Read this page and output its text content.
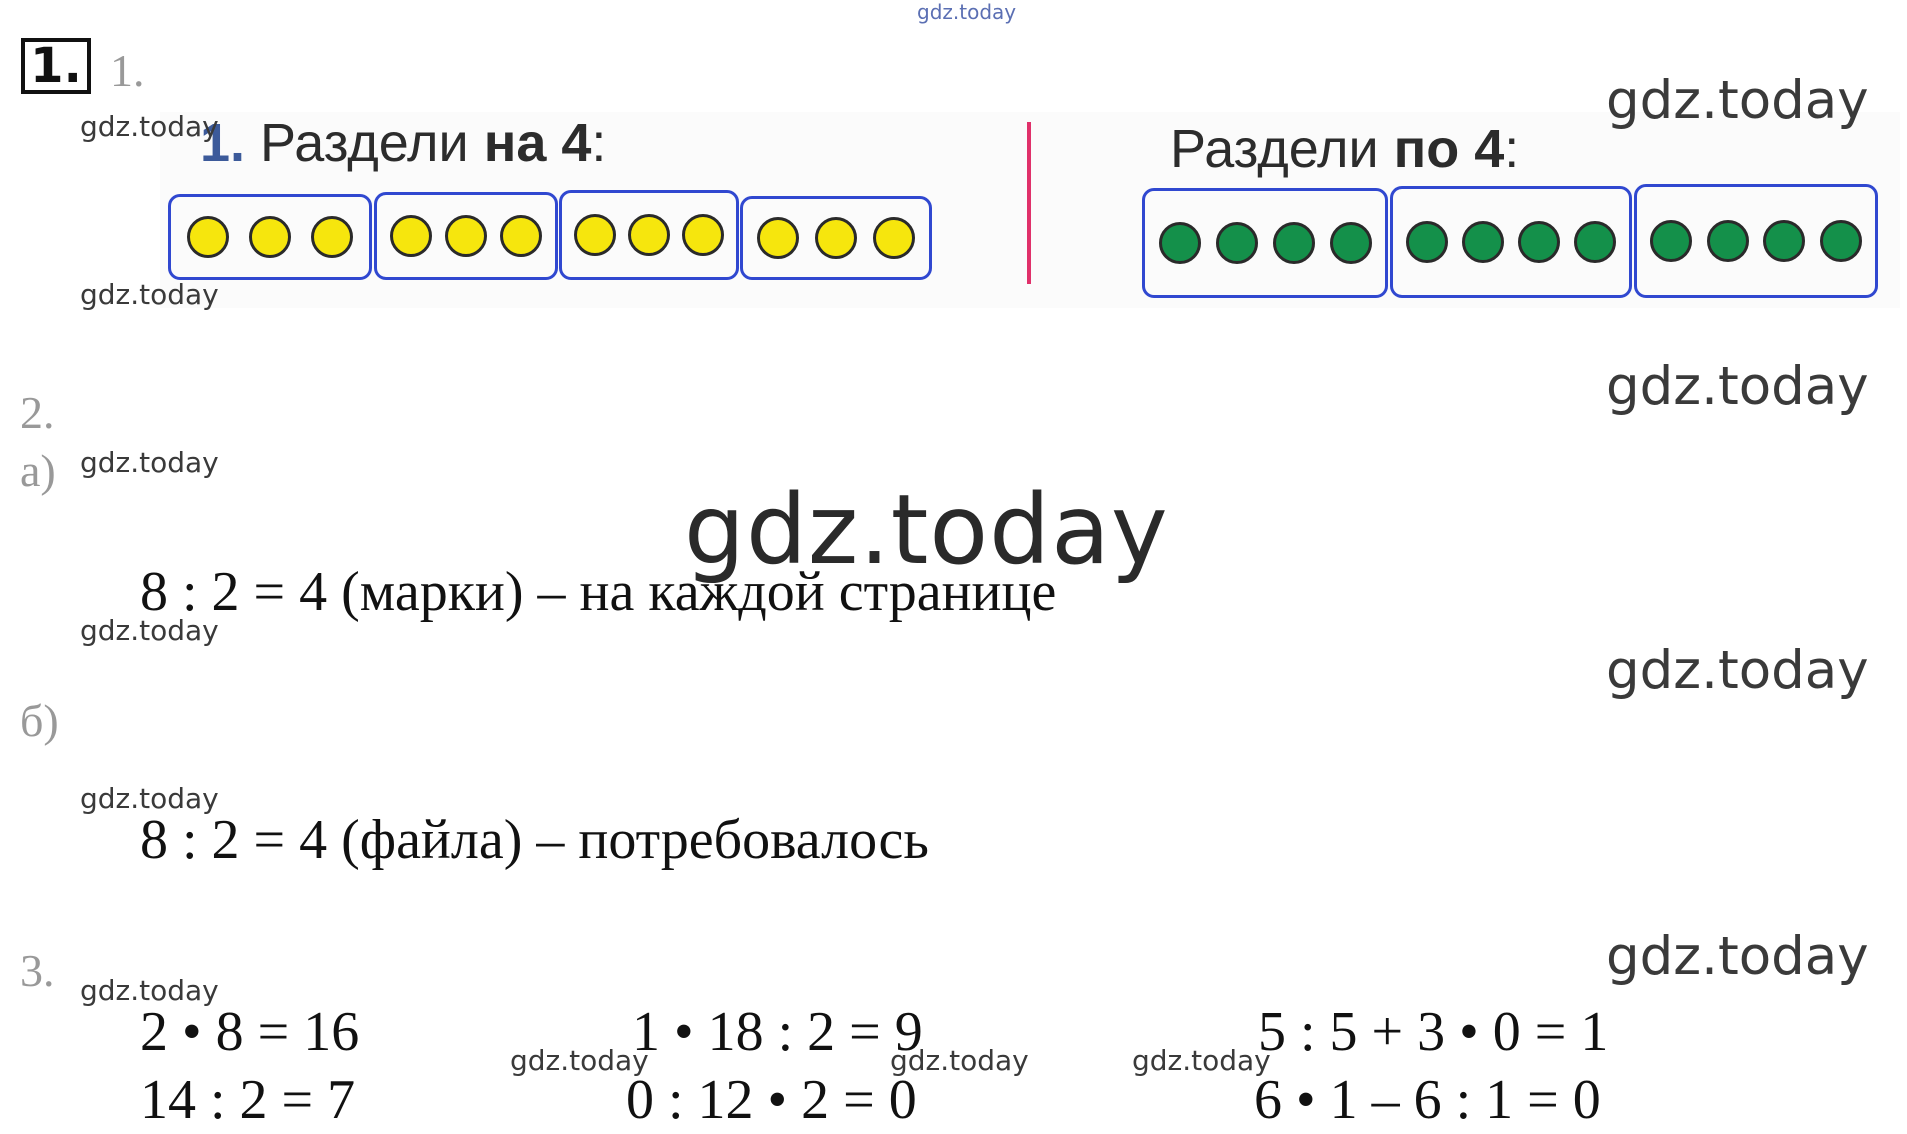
gdz.today
1. 1.
1. Раздели на 4:	Раздели по 4:
2.
а)
8 : 2 = 4 (марки) – на каждой странице
б)
8 : 2 = 4 (файла) – потребовалось
3.
2 • 8 = 16
14 : 2 = 7
1 • 18 : 2 = 9
0 : 12 • 2 = 0
5 : 5 + 3 • 0 = 1
6 • 1 – 6 : 1 = 0
gdz.today
gdz.today
gdz.today
gdz.today
gdz.today
gdz.today
gdz.today	gdz.today	gdz.today
gdz.today
gdz.today
gdz.today
gdz.today
gdz.today
